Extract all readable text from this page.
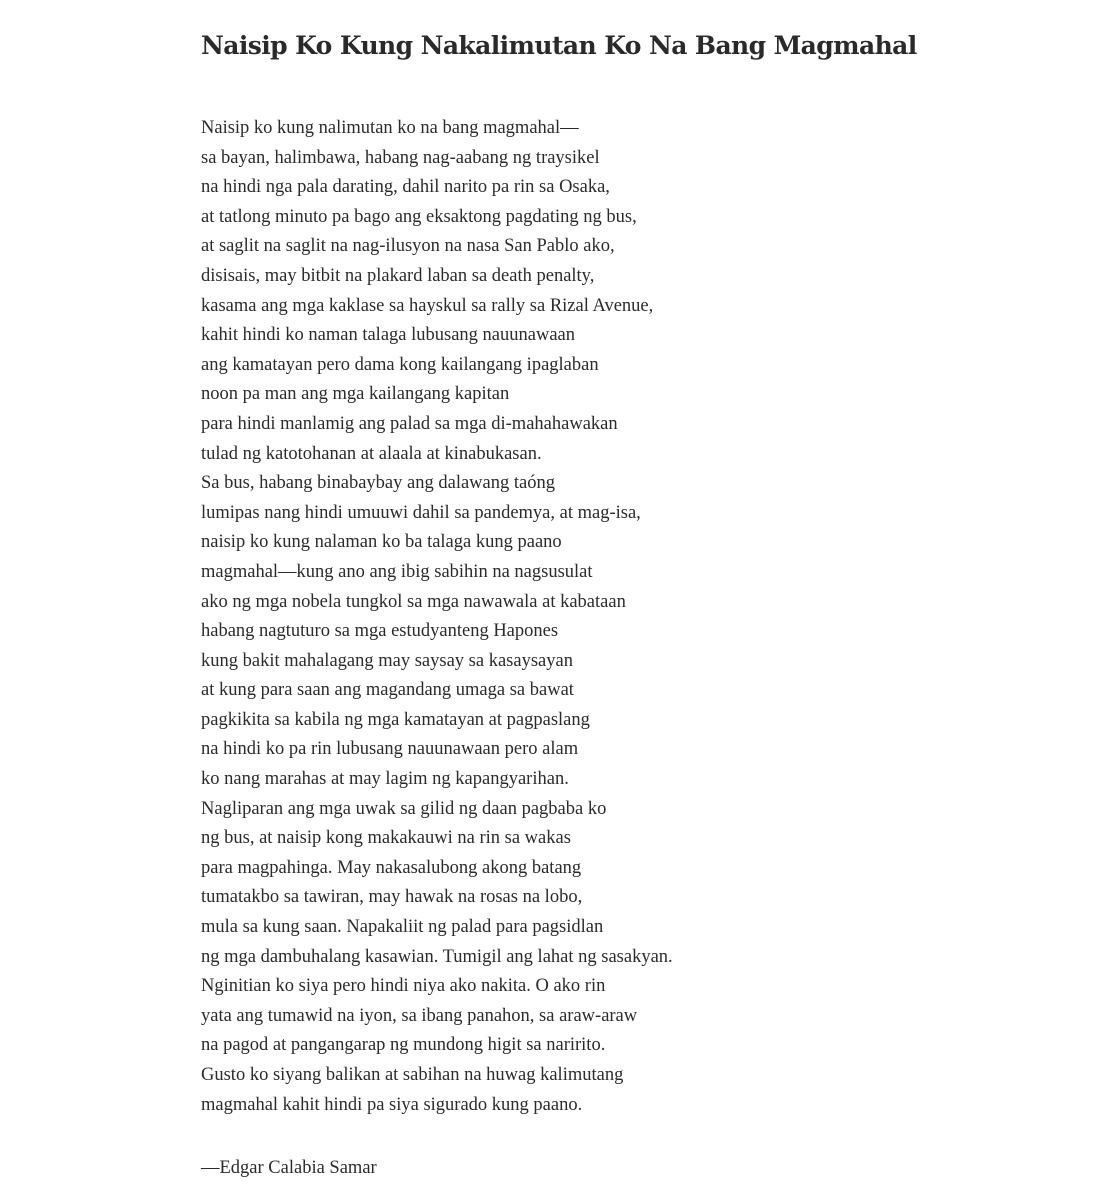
Naisip Ko Kung Nakalimutan Ko Na Bang Magmahal
Naisip ko kung nalimutan ko na bang magmahal—
sa bayan, halimbawa, habang nag-aabang ng traysikel
na hindi nga pala darating, dahil narito pa rin sa Osaka,
at tatlong minuto pa bago ang eksaktong pagdating ng bus,
at saglit na saglit na nag-ilusyon na nasa San Pablo ako,
disisais, may bitbit na plakard laban sa death penalty,
kasama ang mga kaklase sa hayskul sa rally sa Rizal Avenue,
kahit hindi ko naman talaga lubusang nauunawaan
ang kamatayan pero dama kong kailangang ipaglaban
noon pa man ang mga kailangang kapitan
para hindi manlamig ang palad sa mga di-mahahawakan
tulad ng katotohanan at alaala at kinabukasan.
Sa bus, habang binabaybay ang dalawang taóng
lumipas nang hindi umuuwi dahil sa pandemya, at mag-isa,
naisip ko kung nalaman ko ba talaga kung paano
magmahal—kung ano ang ibig sabihin na nagsusulat
ako ng mga nobela tungkol sa mga nawawala at kabataan
habang nagtuturo sa mga estudyanteng Hapones
kung bakit mahalagang may saysay sa kasaysayan
at kung para saan ang magandang umaga sa bawat
pagkikita sa kabila ng mga kamatayan at pagpaslang
na hindi ko pa rin lubusang nauunawaan pero alam
ko nang marahas at may lagim ng kapangyarihan.
Nagliparan ang mga uwak sa gilid ng daan pagbaba ko
ng bus, at naisip kong makakauwi na rin sa wakas
para magpahinga. May nakasalubong akong batang
tumatakbo sa tawiran, may hawak na rosas na lobo,
mula sa kung saan. Napakaliit ng palad para pagsidlan
ng mga dambuhalang kasawian. Tumigil ang lahat ng sasakyan.
Nginitian ko siya pero hindi niya ako nakita. O ako rin
yata ang tumawid na iyon, sa ibang panahon, sa araw-araw
na pagod at pangangarap ng mundong higit sa naririto.
Gusto ko siyang balikan at sabihan na huwag kalimutang
magmahal kahit hindi pa siya sigurado kung paano.

—Edgar Calabia Samar
